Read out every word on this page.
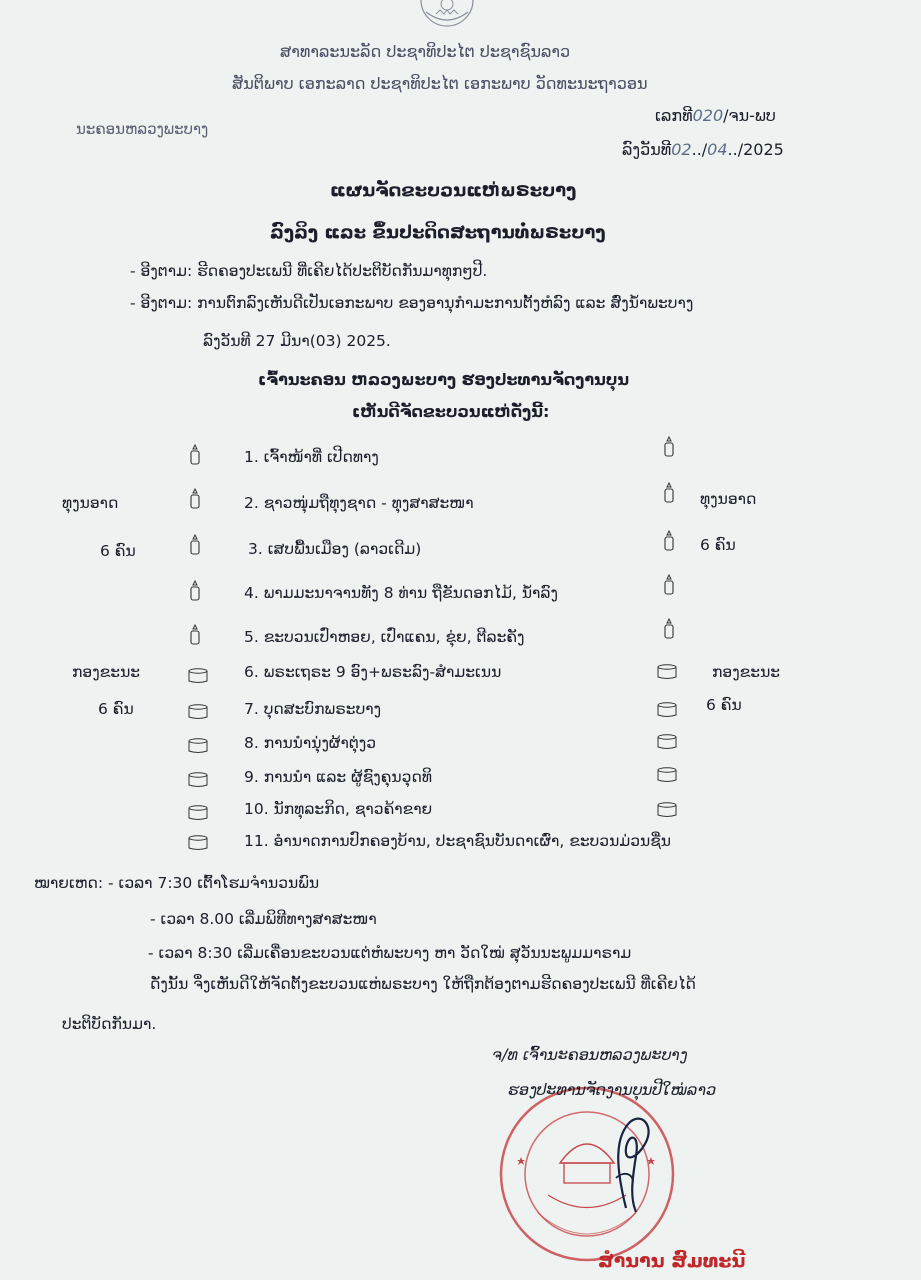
ສາທາລະນະລັດ ປະຊາທິປະໄຕ ປະຊາຊົນລາວ
ສັນຕິພາບ ເອກະລາດ ປະຊາທິປະໄຕ ເອກະພາບ ວັດທະນະຖາວອນ
ນະຄອນຫລວງພະບາງ
ເລກທີ020/ຈນ-ພບ
ລົງວັນທີ02../04../2025
ແຜນຈັດຂະບວນແຫ່ພຣະບາງ
ລົງລິງ ແລະ ຂຶ້ນປະດິດສະຖານທໍ່ພຣະບາງ
- ອີງຕາມ: ຮີດຄອງປະເພນີ ທີ່ເຄີຍໄດ້ປະຕິບັດກັນມາທຸກໆປີ.
- ອີງຕາມ: ການຕົກລົງເຫັນດີເປັນເອກະພາບ ຂອງອານຸກຳມະການຕັ້ງຫໍລົງ ແລະ ສົ່ງນ້ຳພະບາງ
ລົງວັນທີ 27 ມີນາ(03) 2025.
ເຈົ້ານະຄອນ ຫລວງພະບາງ ຮອງປະທານຈັດງານບຸນ
ເຫັນດີຈັດຂະບວນແຫ່ດັ່ງນີ້:
1. ເຈົ້າໜ້າທີ່ ເປີດທາງ
2. ຊາວໜຸ່ມຖືທຸງຊາດ - ທຸງສາສະໜາ
3. ເສບພື້ນເມືອງ (ລາວເດີມ)
4. ພາມມະນາຈານທັງ 8 ທ່ານ ຖືຂັນດອກໄມ້, ນ້ຳລົງ
5. ຂະບວນເປົ່າຫອຍ, ເປົ່າແຄນ, ຂຸ່ຍ, ຕີລະຄັງ
6. ພຣະເຖຣະ 9 ອົງ+ພຣະລົງ-ສຳມະເນນ
7. ບຸດສະບົກພຣະບາງ
8. ການນຳນຸ່ງຜ້າຕຸ່ງວ
9. ການນຳ ແລະ ຜູ້ຊົງຄຸນວຸດທິ
10. ນັກທຸລະກິດ, ຊາວຄ້າຂາຍ
11. ອຳນາດການປົກຄອງບ້ານ, ປະຊາຊົນບັນດາເຜົ່າ, ຂະບວນມ່ວນຊື່ນ
ທຸງນອາດ
6 ຄົນ
ທຸງນອາດ
6 ຄົນ
ກອງຂະນະ
6 ຄົນ
ກອງຂະນະ
6 ຄົນ
ໝາຍເຫດ: - ເວລາ 7:30 ເຕົ້າໂຮມຈຳນວນພົນ
- ເວລາ 8.00 ເລີ່ມພິທີທາງສາສະໜາ
- ເວລາ 8:30 ເລີ່ມເຄື່ອນຂະບວນແຕ່ຫໍພະບາງ ຫາ ວັດໃໝ່ ສຸວັນນະພູມມາຣາມ
ດັ່ງນັ້ນ ຈຶ່ງເຫັນດີໃຫ້ຈັດຕັ້ງຂະບວນແຫ່ພຣະບາງ ໃຫ້ຖືກຕ້ອງຕາມຮີດຄອງປະເພນີ ທີ່ເຄີຍໄດ້
ປະຕິບັດກັນມາ.
ຈ/ທ ເຈົ້ານະຄອນຫລວງພະບາງ
ຮອງປະທານຈັດງານບຸນປີໃໝ່ລາວ
ສຳນານ ສົມທະນີ
